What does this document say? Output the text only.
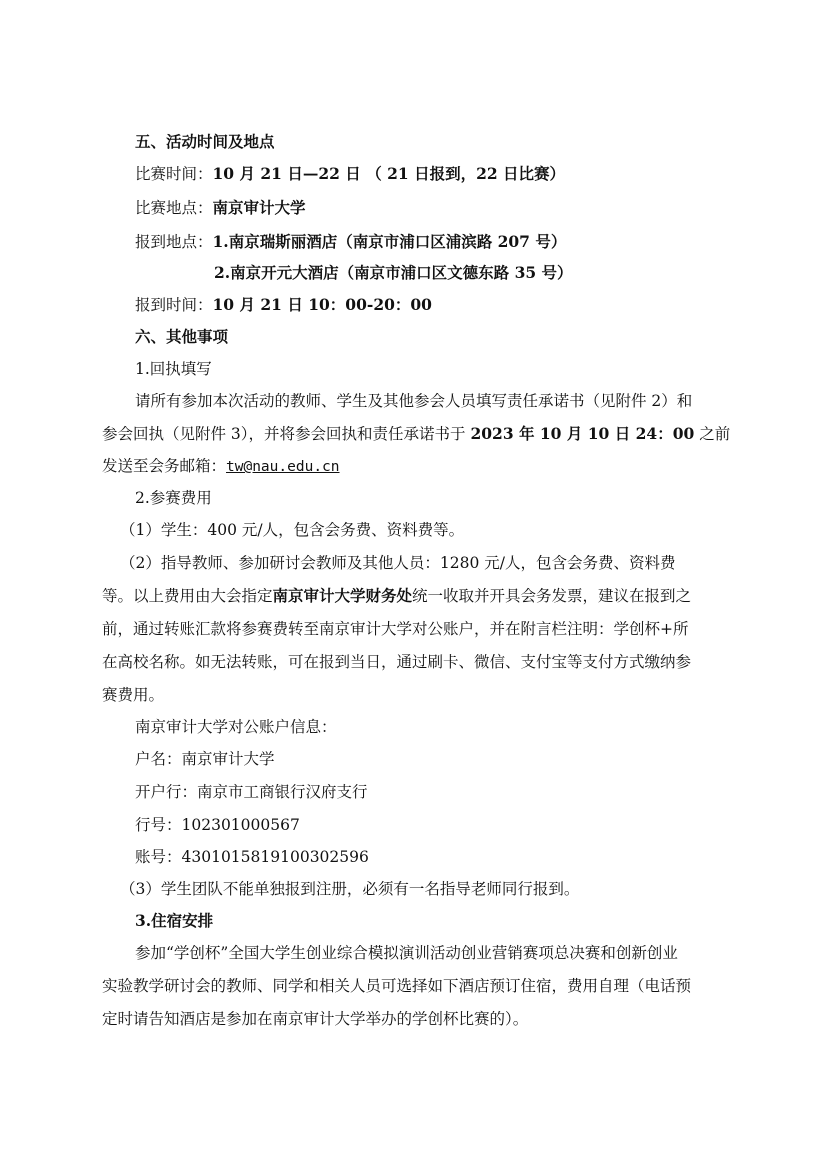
五、活动时间及地点
比赛时间：10 月 21 日—22 日 （ 21 日报到，22 日比赛）
比赛地点：南京审计大学
报到地点：1.南京瑞斯丽酒店（南京市浦口区浦滨路 207 号）
2.南京开元大酒店（南京市浦口区文德东路 35 号）
报到时间：10 月 21 日 10：00-20：00
六、其他事项
1.回执填写
请所有参加本次活动的教师、学生及其他参会人员填写责任承诺书（见附件 2）和
参会回执（见附件 3），并将参会回执和责任承诺书于 2023 年 10 月 10 日 24：00 之前
发送至会务邮箱：tw@nau.edu.cn
2.参赛费用
（1）学生：400 元/人，包含会务费、资料费等。
（2）指导教师、参加研讨会教师及其他人员：1280 元/人，包含会务费、资料费
等。以上费用由大会指定南京审计大学财务处统一收取并开具会务发票，建议在报到之
前，通过转账汇款将参赛费转至南京审计大学对公账户，并在附言栏注明：学创杯+所
在高校名称。如无法转账，可在报到当日，通过刷卡、微信、支付宝等支付方式缴纳参
赛费用。
南京审计大学对公账户信息：
户名：南京审计大学
开户行：南京市工商银行汉府支行
行号：102301000567
账号：4301015819100302596
（3）学生团队不能单独报到注册，必须有一名指导老师同行报到。
3.住宿安排
参加“学创杯”全国大学生创业综合模拟演训活动创业营销赛项总决赛和创新创业
实验教学研讨会的教师、同学和相关人员可选择如下酒店预订住宿，费用自理（电话预
定时请告知酒店是参加在南京审计大学举办的学创杯比赛的）。
